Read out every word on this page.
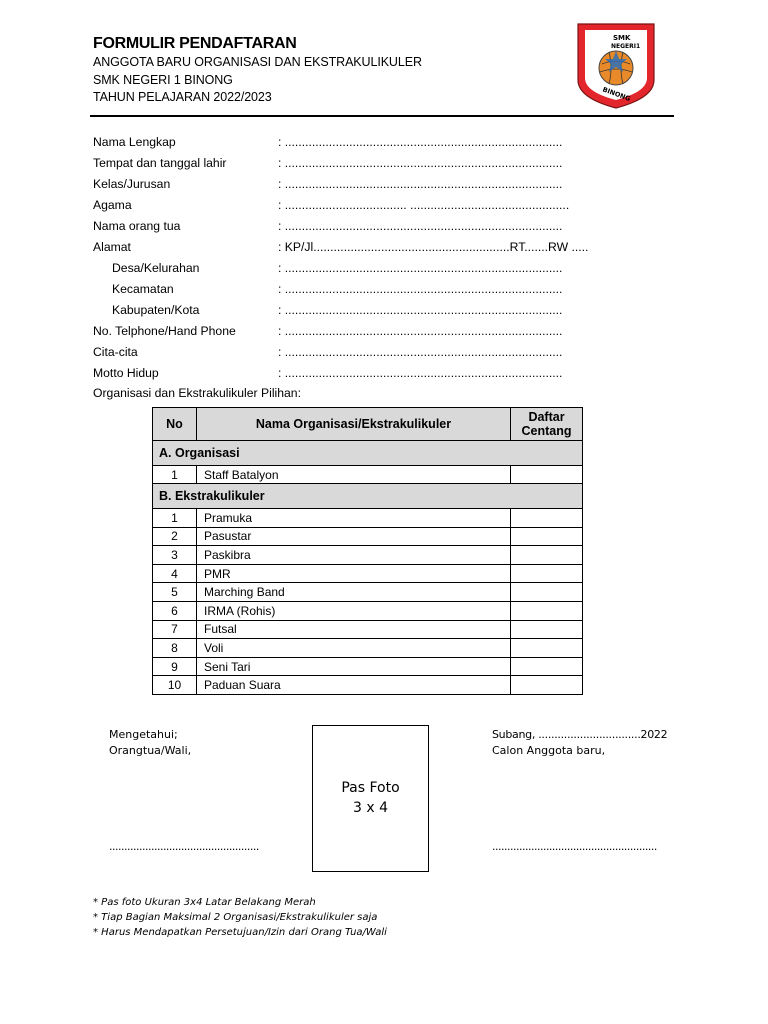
FORMULIR PENDAFTARAN
ANGGOTA BARU ORGANISASI DAN EKSTRAKULIKULER
SMK NEGERI 1 BINONG
TAHUN PELAJARAN 2022/2023
SMK
NEGERI1
BINONG
Nama Lengkap	: ..................................................................................
Tempat dan tanggal lahir	: ..................................................................................
Kelas/Jurusan	: ..................................................................................
Agama	: .................................... ...............................................
Nama orang tua	: ..................................................................................
Alamat	: KP/Jl..........................................................RT.......RW .....
Desa/Kelurahan	: ..................................................................................
Kecamatan	: ..................................................................................
Kabupaten/Kota	: ..................................................................................
No. Telphone/Hand Phone	: ..................................................................................
Cita-cita	: ..................................................................................
Motto Hidup	: ..................................................................................
Organisasi dan Ekstrakulikuler Pilihan:
No	Nama Organisasi/Ekstrakulikuler	Daftar Centang
A. Organisasi		
1	Staff Batalyon	
B. Ekstrakulikuler		
1	Pramuka	
2	Pasustar	
3	Paskibra	
4	PMR	
5	Marching Band	
6	IRMA (Rohis)	
7	Futsal	
8	Voli	
9	Seni Tari	
10	Paduan Suara	
Mengetahui;
Orangtua/Wali,
..................................................
Pas Foto
3 x 4
Subang, ................................2022
Calon Anggota baru,
.......................................................
* Pas foto Ukuran 3x4 Latar Belakang Merah
* Tiap Bagian Maksimal 2 Organisasi/Ekstrakulikuler saja
* Harus Mendapatkan Persetujuan/Izin dari Orang Tua/Wali
